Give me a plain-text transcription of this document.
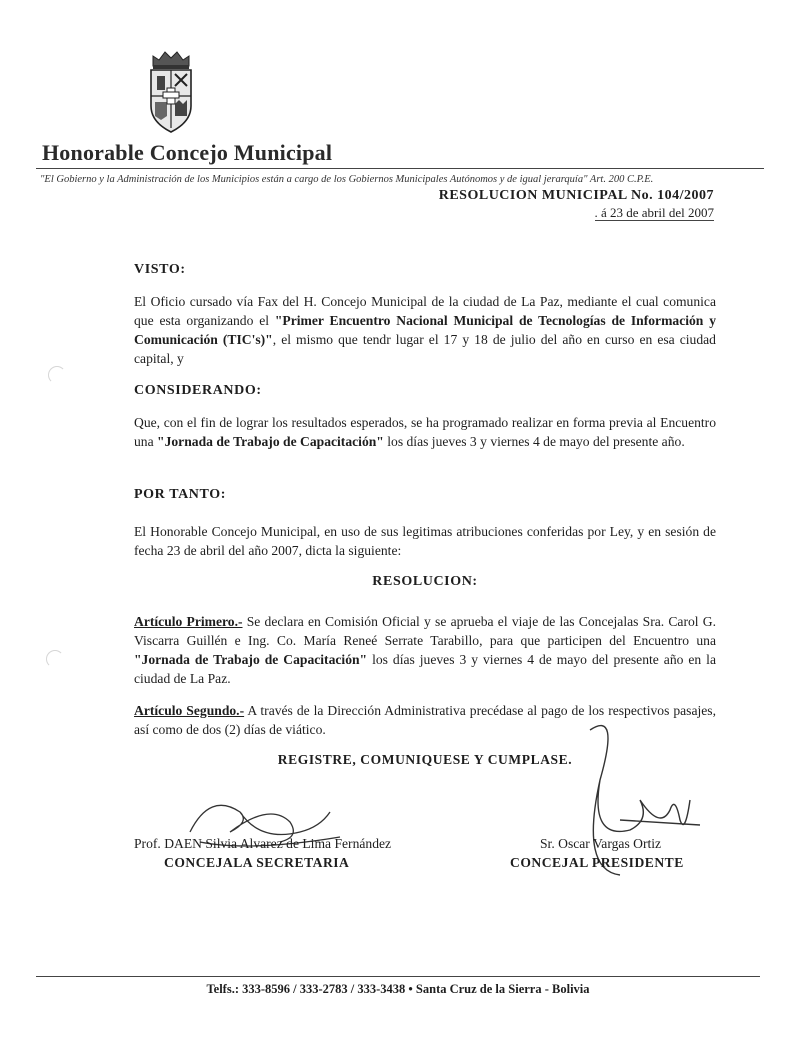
Honorable Concejo Municipal
"El Gobierno y la Administración de los Municipios están a cargo de los Gobiernos Municipales Autónomos y de igual jerarquía" Art. 200 C.P.E.
RESOLUCION MUNICIPAL No. 104/2007
. á 23 de abril del 2007
VISTO:
El Oficio cursado vía Fax del H. Concejo Municipal de la ciudad de La Paz, mediante el cual comunica que esta organizando el "Primer Encuentro Nacional Municipal de Tecnologías de Información y Comunicación (TIC's)", el mismo que tendr lugar el 17 y 18 de julio del año en curso en esa ciudad capital, y
CONSIDERANDO:
Que, con el fin de lograr los resultados esperados, se ha programado realizar en forma previa al Encuentro una "Jornada de Trabajo de Capacitación" los días jueves 3 y viernes 4 de mayo del presente año.
POR TANTO:
El Honorable Concejo Municipal, en uso de sus legitimas atribuciones conferidas por Ley, y en sesión de fecha 23 de abril del año 2007, dicta la siguiente:
RESOLUCION:
Artículo Primero.- Se declara en Comisión Oficial y se aprueba el viaje de las Concejalas Sra. Carol G. Viscarra Guillén e Ing. Co. María Reneé Serrate Tarabillo, para que participen del Encuentro una "Jornada de Trabajo de Capacitación" los días jueves 3 y viernes 4 de mayo del presente año en la ciudad de La Paz.
Artículo Segundo.- A través de la Dirección Administrativa precédase al pago de los respectivos pasajes, así como de dos (2) días de viático.
REGISTRE, COMUNIQUESE Y CUMPLASE.
Prof. DAEN Silvia Alvarez de Lima Fernández
CONCEJALA SECRETARIA
Sr. Oscar Vargas Ortiz
CONCEJAL PRESIDENTE
Telfs.: 333-8596 / 333-2783 / 333-3438 • Santa Cruz de la Sierra - Bolivia
